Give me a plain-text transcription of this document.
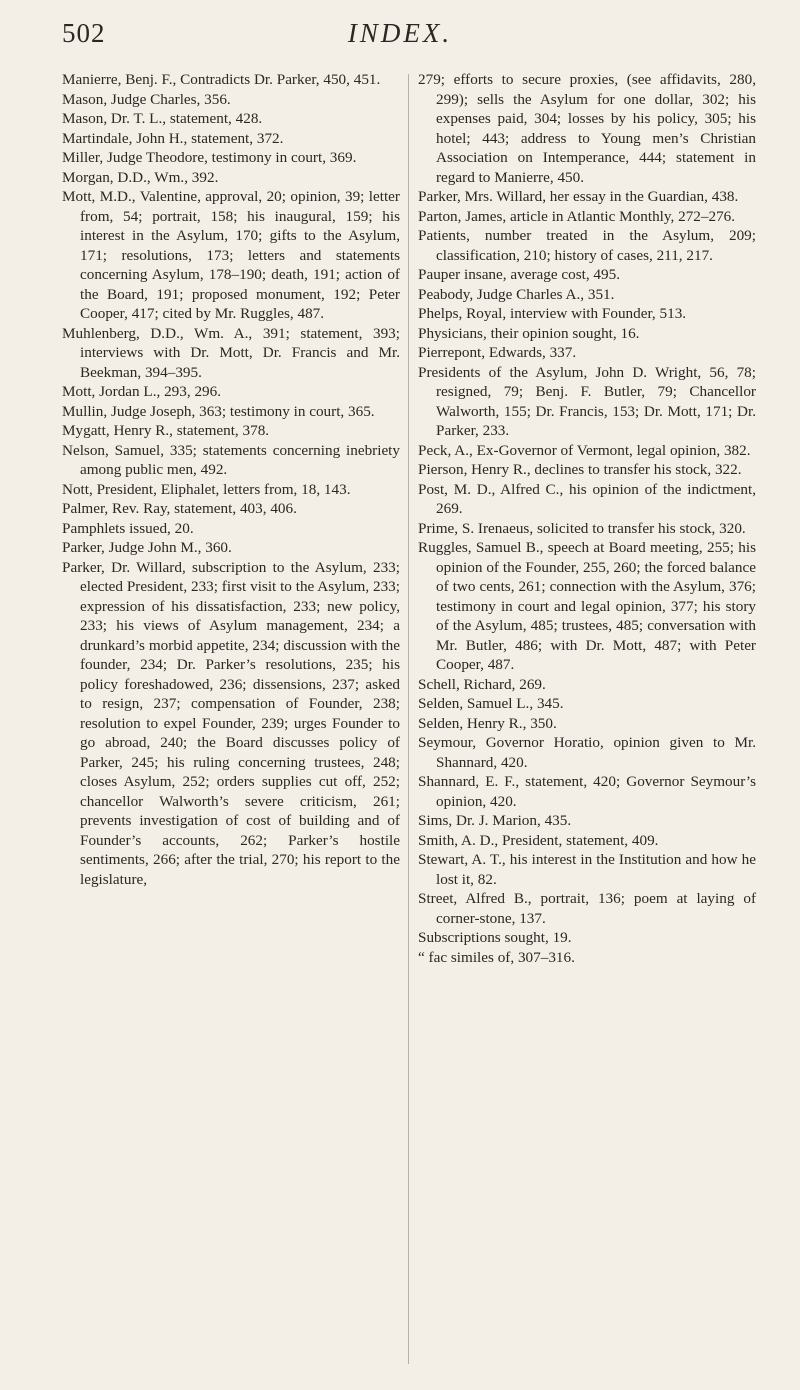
502	INDEX.

Manierre, Benj. F., Contradicts Dr. Parker, 450, 451.

Mason, Judge Charles, 356.

Mason, Dr. T. L., statement, 428.

Martindale, John H., statement, 372.

Miller, Judge Theodore, testimony in court, 369.

Morgan, D.D., Wm., 392.

Mott, M.D., Valentine, approval, 20; opinion, 39; letter from, 54; portrait, 158; his inaugural, 159; his interest in the Asylum, 170; gifts to the Asylum, 171; resolutions, 173; letters and statements concerning Asylum, 178–190; death, 191; action of the Board, 191; proposed monument, 192; Peter Cooper, 417; cited by Mr. Ruggles, 487.

Muhlenberg, D.D., Wm. A., 391; statement, 393; interviews with Dr. Mott, Dr. Francis and Mr. Beekman, 394–395.

Mott, Jordan L., 293, 296.

Mullin, Judge Joseph, 363; testimony in court, 365.

Mygatt, Henry R., statement, 378.

Nelson, Samuel, 335; statements concerning inebriety among public men, 492.

Nott, President, Eliphalet, letters from, 18, 143.

Palmer, Rev. Ray, statement, 403, 406.

Pamphlets issued, 20.

Parker, Judge John M., 360.

Parker, Dr. Willard, subscription to the Asylum, 233; elected President, 233; first visit to the Asylum, 233; expression of his dissatisfaction, 233; new policy, 233; his views of Asylum management, 234; a drunkard’s morbid appetite, 234; discussion with the founder, 234; Dr. Parker’s resolutions, 235; his policy foreshadowed, 236; dissensions, 237; asked to resign, 237; compensation of Founder, 238; resolution to expel Founder, 239; urges Founder to go abroad, 240; the Board discusses policy of Parker, 245; his ruling concerning trustees, 248; closes Asylum, 252; orders supplies cut off, 252; chancellor Walworth’s severe criticism, 261; prevents investigation of cost of building and of Founder’s accounts, 262; Parker’s hostile sentiments, 266; after the trial, 270; his report to the legislature,

279; efforts to secure proxies, (see affidavits, 280, 299); sells the Asylum for one dollar, 302; his expenses paid, 304; losses by his policy, 305; his hotel; 443; address to Young men’s Christian Association on Intemperance, 444; statement in regard to Manierre, 450.

Parker, Mrs. Willard, her essay in the Guardian, 438.

Parton, James, article in Atlantic Monthly, 272–276.

Patients, number treated in the Asylum, 209; classification, 210; history of cases, 211, 217.

Pauper insane, average cost, 495.

Peabody, Judge Charles A., 351.

Phelps, Royal, interview with Founder, 513.

Physicians, their opinion sought, 16.

Pierrepont, Edwards, 337.

Presidents of the Asylum, John D. Wright, 56, 78; resigned, 79; Benj. F. Butler, 79; Chancellor Walworth, 155; Dr. Francis, 153; Dr. Mott, 171; Dr. Parker, 233.

Peck, A., Ex-Governor of Vermont, legal opinion, 382.

Pierson, Henry R., declines to transfer his stock, 322.

Post, M. D., Alfred C., his opinion of the indictment, 269.

Prime, S. Irenaeus, solicited to transfer his stock, 320.

Ruggles, Samuel B., speech at Board meeting, 255; his opinion of the Founder, 255, 260; the forced balance of two cents, 261; connection with the Asylum, 376; testimony in court and legal opinion, 377; his story of the Asylum, 485; trustees, 485; conversation with Mr. Butler, 486; with Dr. Mott, 487; with Peter Cooper, 487.

Schell, Richard, 269.

Selden, Samuel L., 345.

Selden, Henry R., 350.

Seymour, Governor Horatio, opinion given to Mr. Shannard, 420.

Shannard, E. F., statement, 420; Governor Seymour’s opinion, 420.

Sims, Dr. J. Marion, 435.

Smith, A. D., President, statement, 409.

Stewart, A. T., his interest in the Institution and how he lost it, 82.

Street, Alfred B., portrait, 136; poem at laying of corner-stone, 137.

Subscriptions sought, 19.

“ fac similes of, 307–316.
